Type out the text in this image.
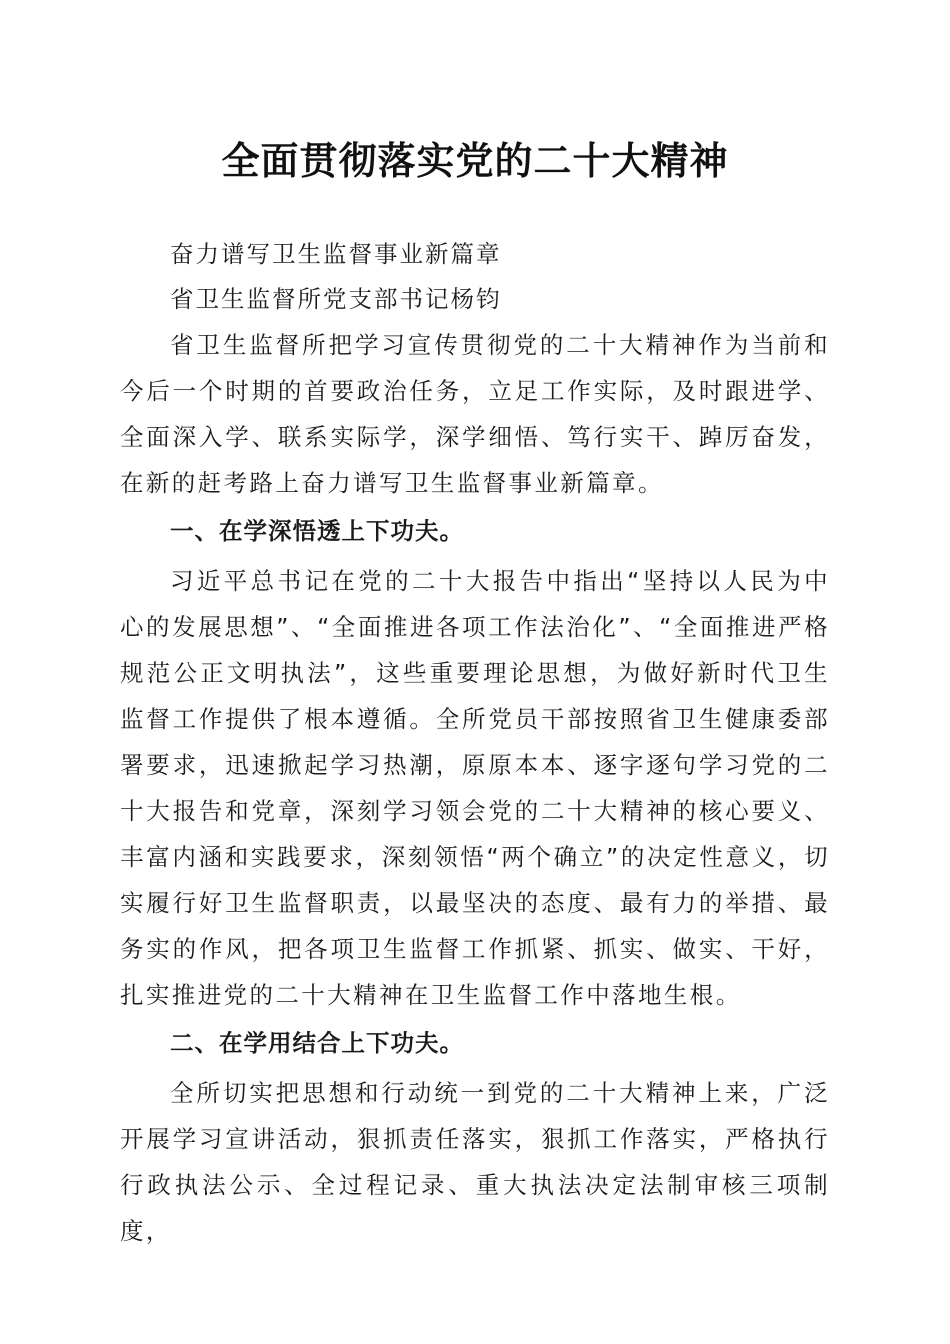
全面贯彻落实党的二十大精神

奋力谱写卫生监督事业新篇章

省卫生监督所党支部书记杨钧

省卫生监督所把学习宣传贯彻党的二十大精神作为当前和今后一个时期的首要政治任务，立足工作实际，及时跟进学、全面深入学、联系实际学，深学细悟、笃行实干、踔厉奋发，在新的赶考路上奋力谱写卫生监督事业新篇章。

一、在学深悟透上下功夫。

习近平总书记在党的二十大报告中指出“坚持以人民为中心的发展思想”、“全面推进各项工作法治化”、“全面推进严格规范公正文明执法”，这些重要理论思想，为做好新时代卫生监督工作提供了根本遵循。全所党员干部按照省卫生健康委部署要求，迅速掀起学习热潮，原原本本、逐字逐句学习党的二十大报告和党章，深刻学习领会党的二十大精神的核心要义、丰富内涵和实践要求，深刻领悟“两个确立”的决定性意义，切实履行好卫生监督职责，以最坚决的态度、最有力的举措、最务实的作风，把各项卫生监督工作抓紧、抓实、做实、干好，扎实推进党的二十大精神在卫生监督工作中落地生根。

二、在学用结合上下功夫。

全所切实把思想和行动统一到党的二十大精神上来，广泛开展学习宣讲活动，狠抓责任落实，狠抓工作落实，严格执行行政执法公示、全过程记录、重大执法决定法制审核三项制度，
